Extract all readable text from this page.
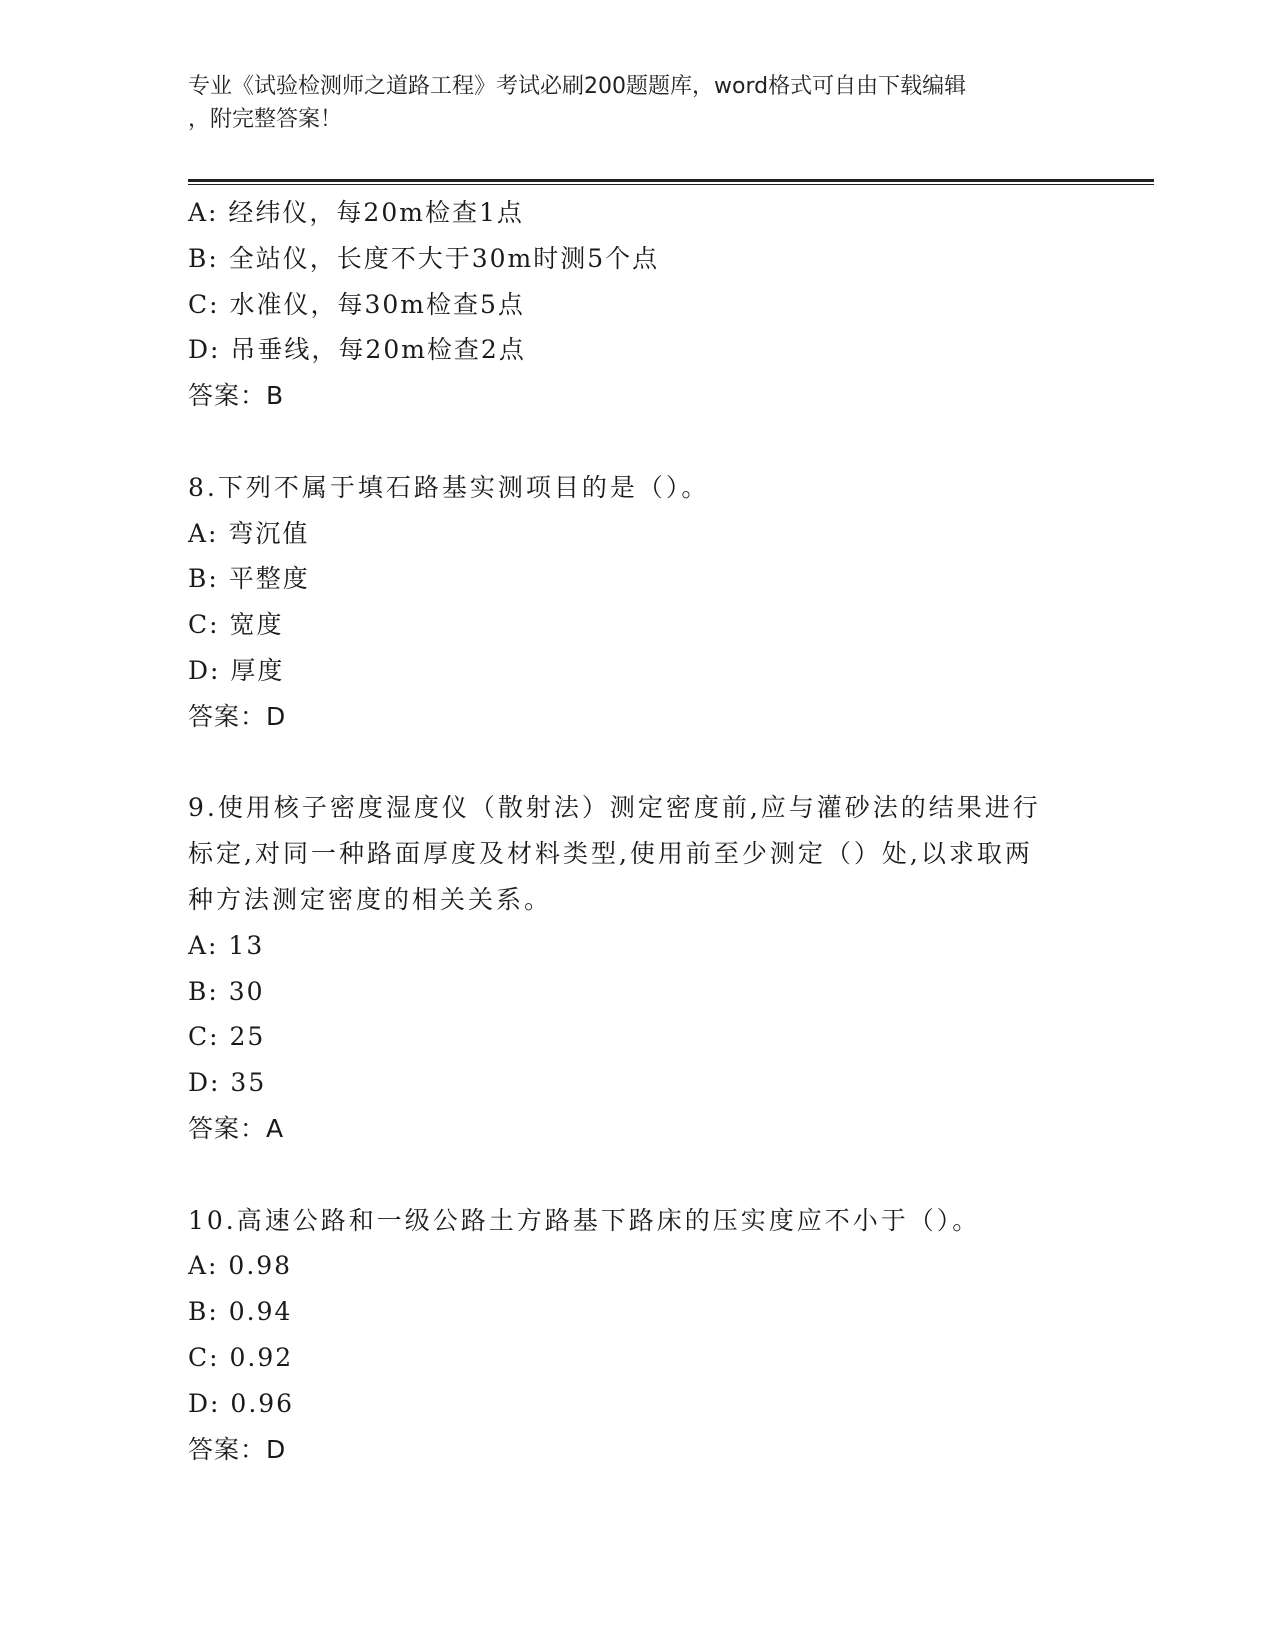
专业《试验检测师之道路工程》考试必刷200题题库，word格式可自由下载编辑
，附完整答案！
A: 经纬仪，每20m检查1点
B: 全站仪，长度不大于30m时测5个点
C: 水准仪，每30m检查5点
D: 吊垂线，每20m检查2点
答案：B
8.下列不属于填石路基实测项目的是（）。
A: 弯沉值
B: 平整度
C: 宽度
D: 厚度
答案：D
9.使用核子密度湿度仪（散射法）测定密度前,应与灌砂法的结果进行
标定,对同一种路面厚度及材料类型,使用前至少测定（）处,以求取两
种方法测定密度的相关关系。
A: 13
B: 30
C: 25
D: 35
答案：A
10.高速公路和一级公路土方路基下路床的压实度应不小于（）。
A: 0.98
B: 0.94
C: 0.92
D: 0.96
答案：D
